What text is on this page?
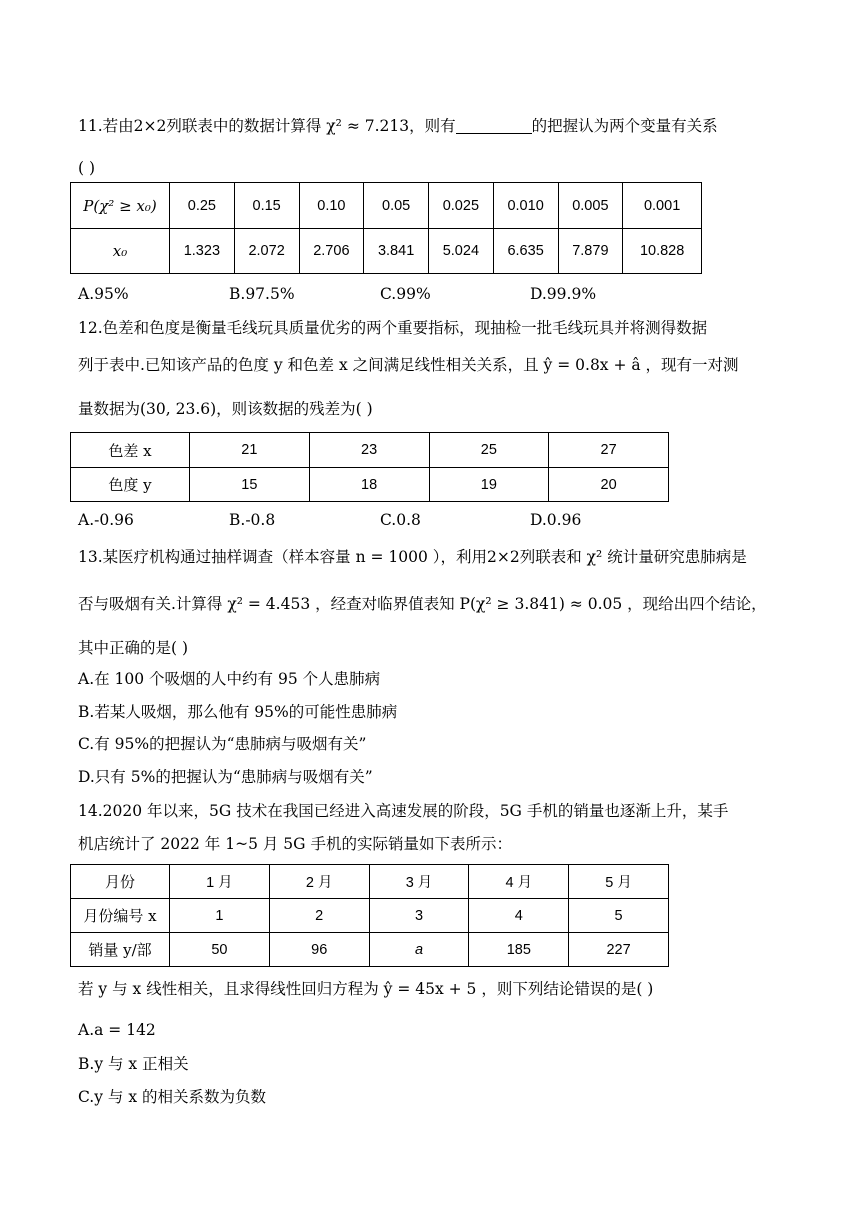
11.若由2×2列联表中的数据计算得 χ² ≈ 7.213，则有	的把握认为两个变量有关系
( )
P(χ² ≥ x₀)	0.25	0.15	0.10	0.05	0.025	0.010	0.005	0.001
x₀	1.323	2.072	2.706	3.841	5.024	6.635	7.879	10.828
A.95%	B.97.5%	C.99%	D.99.9%
12.色差和色度是衡量毛线玩具质量优劣的两个重要指标，现抽检一批毛线玩具并将测得数据
列于表中.已知该产品的色度 y 和色差 x 之间满足线性相关关系，且 ŷ = 0.8x + â ，现有一对测
量数据为(30, 23.6)，则该数据的残差为( )
色差 x	21	23	25	27
色度 y	15	18	19	20
A.-0.96	B.-0.8	C.0.8	D.0.96
13.某医疗机构通过抽样调查（样本容量 n = 1000 ），利用2×2列联表和 χ² 统计量研究患肺病是
否与吸烟有关.计算得 χ² = 4.453 ，经查对临界值表知 P(χ² ≥ 3.841) ≈ 0.05 ，现给出四个结论，
其中正确的是( )
A.在 100 个吸烟的人中约有 95 个人患肺病
B.若某人吸烟，那么他有 95%的可能性患肺病
C.有 95%的把握认为“患肺病与吸烟有关”
D.只有 5%的把握认为“患肺病与吸烟有关”
14.2020 年以来，5G 技术在我国已经进入高速发展的阶段，5G 手机的销量也逐渐上升，某手
机店统计了 2022 年 1~5 月 5G 手机的实际销量如下表所示：
月份	1 月	2 月	3 月	4 月	5 月
月份编号 x	1	2	3	4	5
销量 y/部	50	96	a	185	227
若 y 与 x 线性相关，且求得线性回归方程为 ŷ = 45x + 5 ，则下列结论错误的是( )
A.a = 142
B.y 与 x 正相关
C.y 与 x 的相关系数为负数
